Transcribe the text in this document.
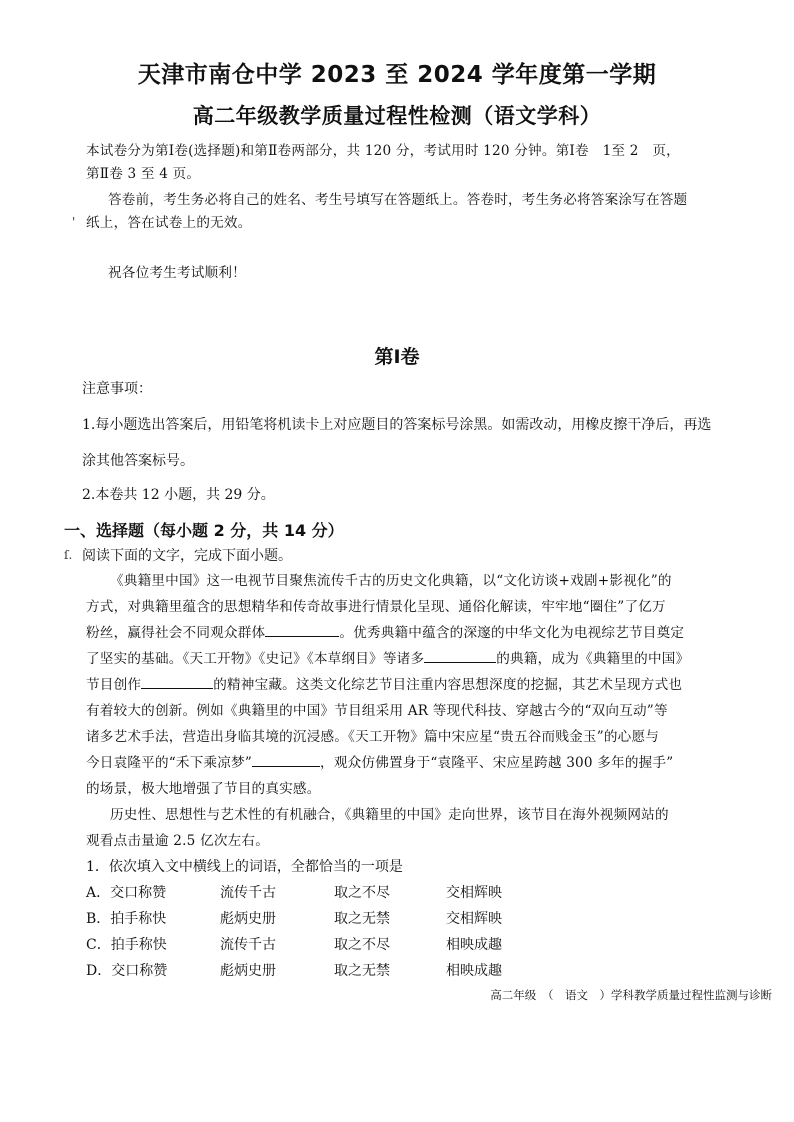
天津市南仓中学 2023 至 2024 学年度第一学期
高二年级教学质量过程性检测（语文学科）
本试卷分为第Ⅰ卷(选择题)和第Ⅱ卷两部分，共 120 分，考试用时 120 分钟。第Ⅰ卷　1至 2　页，
第Ⅱ卷 3 至 4 页。
'
答卷前，考生务必将自己的姓名、考生号填写在答题纸上。答卷时，考生务必将答案涂写在答题
纸上，答在试卷上的无效。
祝各位考生考试顺利！
第Ⅰ卷
注意事项：
1.每小题选出答案后，用铅笔将机读卡上对应题目的答案标号涂黑。如需改动，用橡皮擦干净后，再选
涂其他答案标号。
2.本卷共 12 小题，共 29 分。
一、选择题（每小题 2 分，共 14 分）
ſ. 阅读下面的文字，完成下面小题。
《典籍里中国》这一电视节目聚焦流传千古的历史文化典籍，以“文化访谈+戏剧+影视化”的
方式，对典籍里蕴含的思想精华和传奇故事进行情景化呈现、通俗化解读，牢牢地“圈住”了亿万
粉丝，赢得社会不同观众群体	。优秀典籍中蕴含的深邃的中华文化为电视综艺节目奠定
了坚实的基础。《天工开物》《史记》《本草纲目》等诸多	的典籍，成为《典籍里的中国》
节目创作	的精神宝藏。这类文化综艺节目注重内容思想深度的挖掘，其艺术呈现方式也
有着较大的创新。例如《典籍里的中国》节目组采用 AR 等现代科技、穿越古今的“双向互动”等
诸多艺术手法，营造出身临其境的沉浸感。《天工开物》篇中宋应星“贵五谷而贱金玉”的心愿与
今日袁隆平的“禾下乘凉梦”	，观众仿佛置身于“袁隆平、宋应星跨越 300 多年的握手”
的场景，极大地增强了节目的真实感。
历史性、思想性与艺术性的有机融合，《典籍里的中国》走向世界，该节目在海外视频网站的
观看点击量逾 2.5 亿次左右。
1．依次填入文中横线上的词语，全都恰当的一项是
A．交口称赞	流传千古	取之不尽	交相辉映
B．拍手称快	彪炳史册	取之无禁	交相辉映
C．拍手称快	流传千古	取之不尽	相映成趣
D．交口称赞	彪炳史册	取之无禁	相映成趣
高二年级　（　语文　）学科教学质量过程性监测与诊断
